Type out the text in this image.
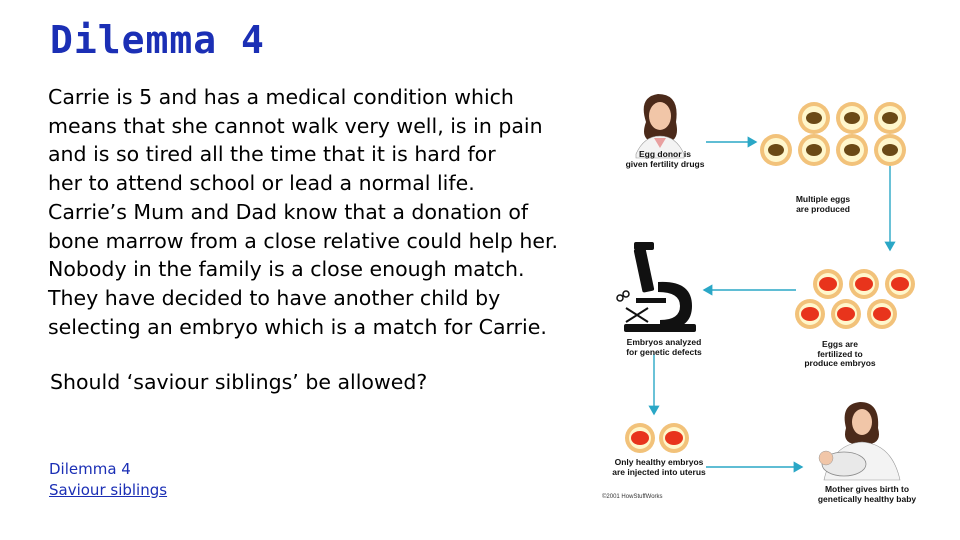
Dilemma 4
Carrie is 5 and has a medical condition which
means that she cannot walk very well, is in pain
and is so tired all the time that it is hard for
her to attend school or lead a normal life.
Carrie’s Mum and Dad know that a donation of
bone marrow from a close relative could help her.
Nobody in the family is a close enough match.
They have decided to have another child by
selecting an embryo which is a match for Carrie.
Should ‘saviour siblings’ be allowed?
Dilemma 4
Saviour siblings
Egg donor is
given fertility drugs
Multiple eggs
are produced
Embryos analyzed
for genetic defects
Eggs are
fertilized to
produce embryos
Only healthy embryos
are injected into uterus
Mother gives birth to
genetically healthy baby
©2001 HowStuffWorks
